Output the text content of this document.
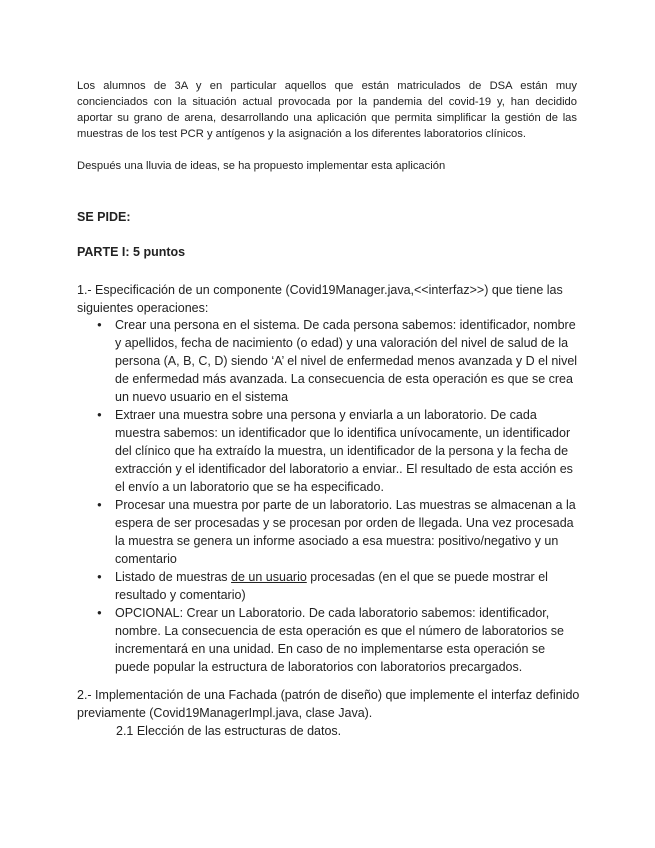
Los alumnos de 3A y en particular aquellos que están matriculados de DSA están muy concienciados con la situación actual provocada por la pandemia del covid-19 y, han decidido aportar su grano de arena, desarrollando una aplicación que permita simplificar la gestión de las muestras de los test PCR y antígenos y la asignación a los diferentes laboratorios clínicos.

Después una lluvia de ideas, se ha propuesto implementar esta aplicación

SE PIDE:

PARTE I: 5 puntos

1.- Especificación de un componente (Covid19Manager.java,<<interfaz>>) que tiene las siguientes operaciones:

● Crear una persona en el sistema. De cada persona sabemos: identificador, nombre y apellidos, fecha de nacimiento (o edad) y una valoración del nivel de salud de la persona (A, B, C, D) siendo ‘A’ el nivel de enfermedad menos avanzada y D el nivel de enfermedad más avanzada. La consecuencia de esta operación es que se crea un nuevo usuario en el sistema
● Extraer una muestra sobre una persona y enviarla a un laboratorio. De cada muestra sabemos: un identificador que lo identifica unívocamente, un identificador del clínico que ha extraído la muestra, un identificador de la persona y la fecha de extracción y el identificador del laboratorio a enviar.. El resultado de esta acción es el envío a un laboratorio que se ha especificado.
● Procesar una muestra por parte de un laboratorio. Las muestras se almacenan a la espera de ser procesadas y se procesan por orden de llegada. Una vez procesada la muestra se genera un informe asociado a esa muestra: positivo/negativo y un comentario
● Listado de muestras de un usuario procesadas (en el que se puede mostrar el resultado y comentario)
● OPCIONAL: Crear un Laboratorio. De cada laboratorio sabemos: identificador, nombre. La consecuencia de esta operación es que el número de laboratorios se incrementará en una unidad. En caso de no implementarse esta operación se puede popular la estructura de laboratorios con laboratorios precargados.

2.- Implementación de una Fachada (patrón de diseño) que implemente el interfaz definido previamente (Covid19ManagerImpl.java, clase Java).

2.1 Elección de las estructuras de datos.
